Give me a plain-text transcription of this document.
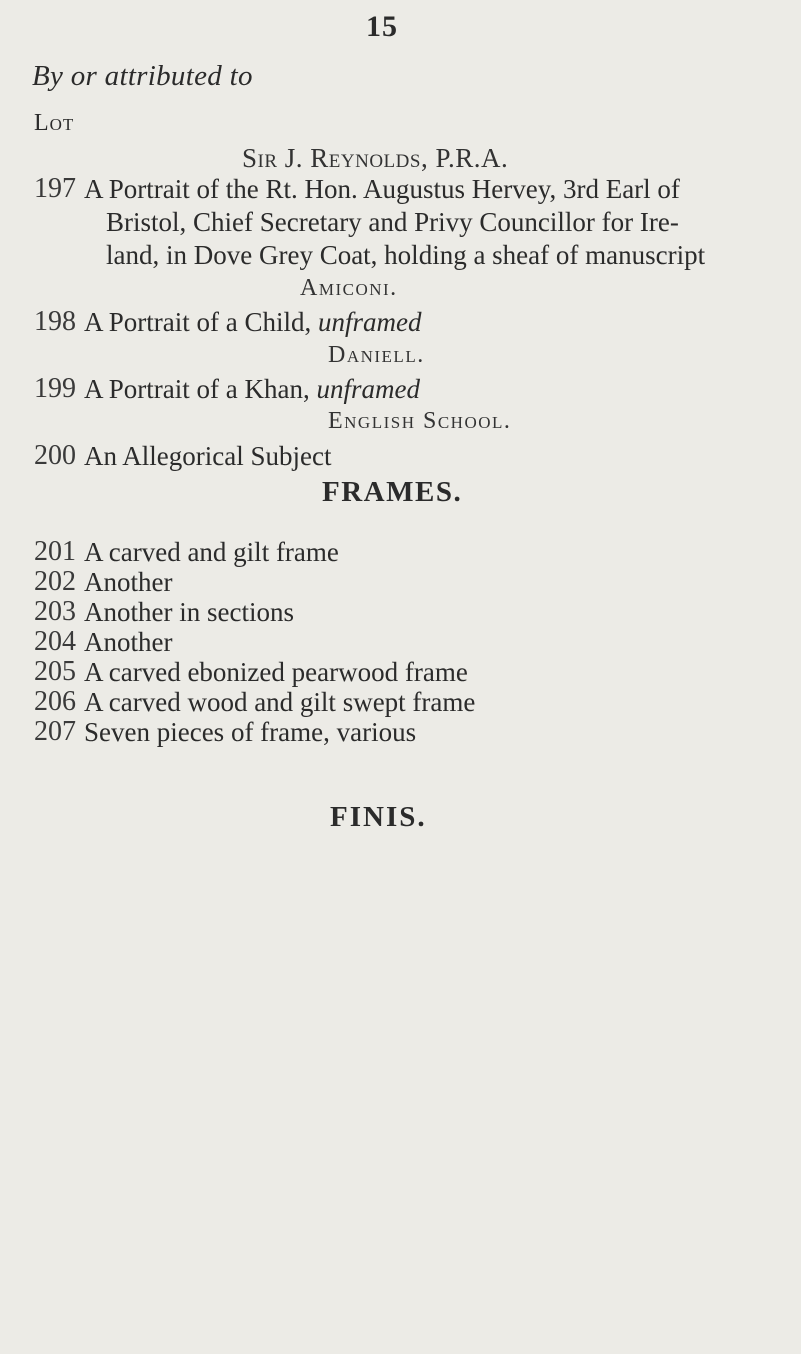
15
By or attributed to
Lot
Sir J. Reynolds, P.R.A.
197 A Portrait of the Rt. Hon. Augustus Hervey, 3rd Earl of
Bristol, Chief Secretary and Privy Councillor for Ire-
land, in Dove Grey Coat, holding a sheaf of manuscript
Amiconi.
198 A Portrait of a Child, unframed
Daniell.
199 A Portrait of a Khan, unframed
English School.
200 An Allegorical Subject
FRAMES.
201 A carved and gilt frame
202 Another
203 Another in sections
204 Another
205 A carved ebonized pearwood frame
206 A carved wood and gilt swept frame
207 Seven pieces of frame, various
FINIS.
